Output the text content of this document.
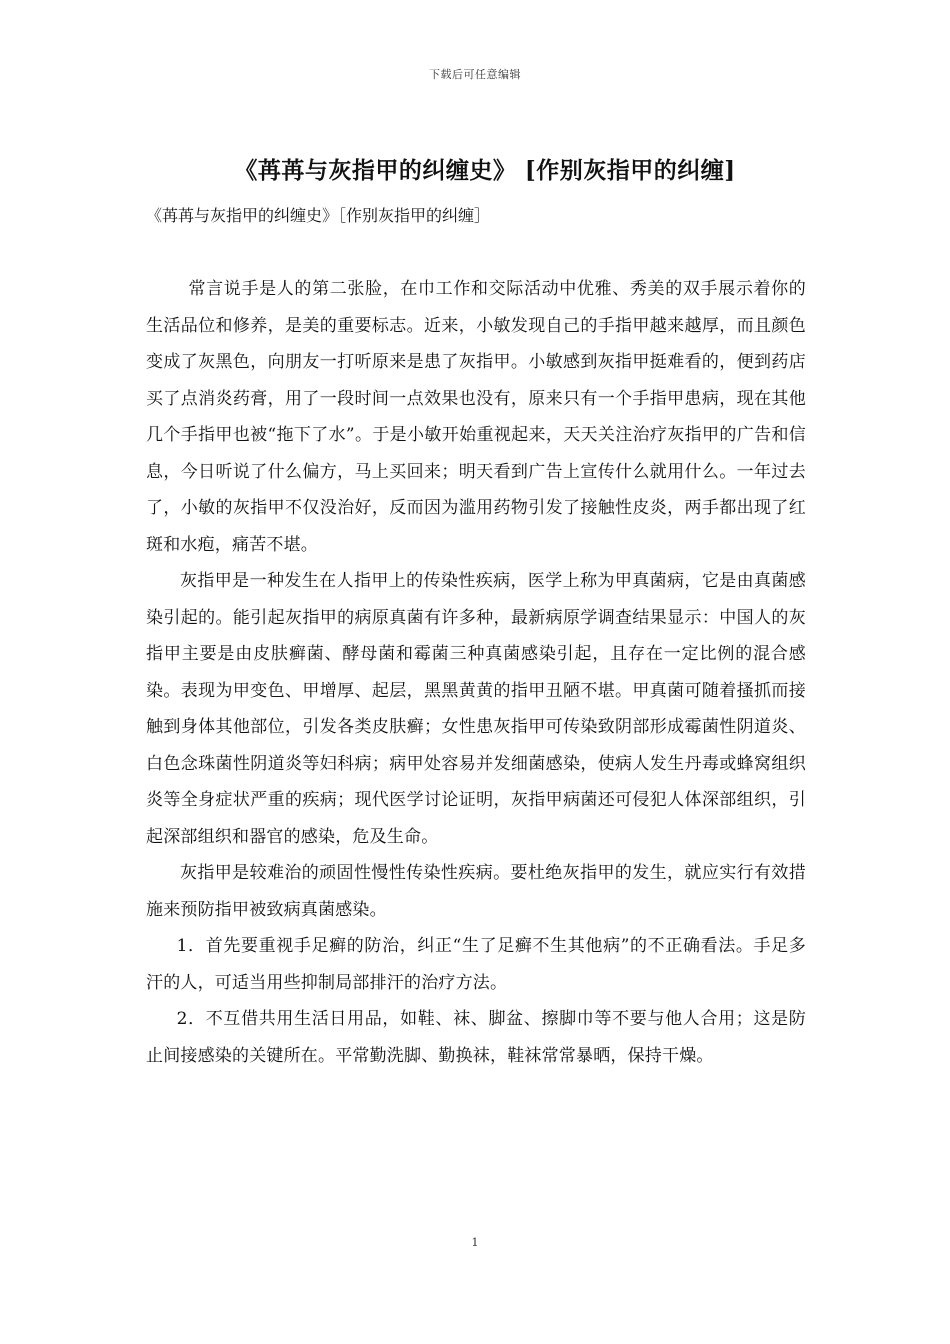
下载后可任意编辑
《苒苒与灰指甲的纠缠史》 [作别灰指甲的纠缠]

《苒苒与灰指甲的纠缠史》［作别灰指甲的纠缠］

常言说手是人的第二张脸，在巾工作和交际活动中优雅、秀美的双手展示着你的生活品位和修养，是美的重要标志。近来，小敏发现自己的手指甲越来越厚，而且颜色变成了灰黑色，向朋友一打听原来是患了灰指甲。小敏感到灰指甲挺难看的，便到药店买了点消炎药膏，用了一段时间一点效果也没有，原来只有一个手指甲患病，现在其他几个手指甲也被“拖下了水”。于是小敏开始重视起来，天天关注治疗灰指甲的广告和信息，今日听说了什么偏方，马上买回来；明天看到广告上宣传什么就用什么。一年过去了，小敏的灰指甲不仅没治好，反而因为滥用药物引发了接触性皮炎，两手都出现了红斑和水疱，痛苦不堪。

灰指甲是一种发生在人指甲上的传染性疾病，医学上称为甲真菌病，它是由真菌感染引起的。能引起灰指甲的病原真菌有许多种，最新病原学调查结果显示：中国人的灰指甲主要是由皮肤癣菌、酵母菌和霉菌三种真菌感染引起，且存在一定比例的混合感染。表现为甲变色、甲增厚、起层，黑黑黄黄的指甲丑陋不堪。甲真菌可随着搔抓而接触到身体其他部位，引发各类皮肤癣；女性患灰指甲可传染致阴部形成霉菌性阴道炎、白色念珠菌性阴道炎等妇科病；病甲处容易并发细菌感染，使病人发生丹毒或蜂窝组织炎等全身症状严重的疾病；现代医学讨论证明，灰指甲病菌还可侵犯人体深部组织，引起深部组织和器官的感染，危及生命。

灰指甲是较难治的顽固性慢性传染性疾病。要杜绝灰指甲的发生，就应实行有效措施来预防指甲被致病真菌感染。

1．首先要重视手足癣的防治，纠正“生了足癣不生其他病”的不正确看法。手足多汗的人，可适当用些抑制局部排汗的治疗方法。

2．不互借共用生活日用品，如鞋、袜、脚盆、擦脚巾等不要与他人合用；这是防止间接感染的关键所在。平常勤洗脚、勤换袜，鞋袜常常暴晒，保持干燥。

1
